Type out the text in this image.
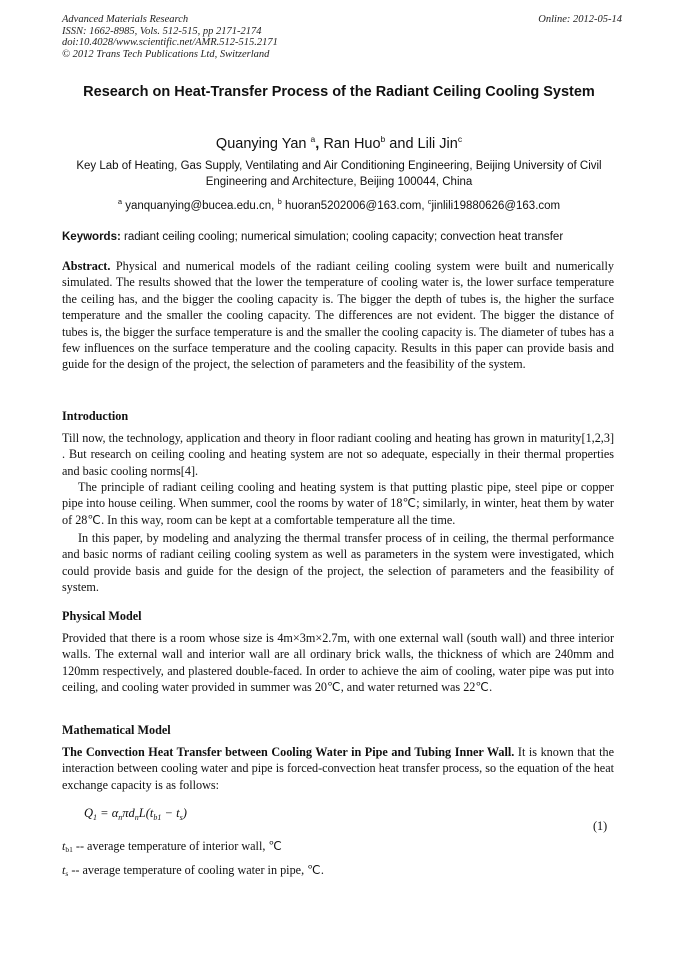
Advanced Materials Research
ISSN: 1662-8985, Vols. 512-515, pp 2171-2174
doi:10.4028/www.scientific.net/AMR.512-515.2171
© 2012 Trans Tech Publications Ltd, Switzerland
Online: 2012-05-14
Research on Heat-Transfer Process of the Radiant Ceiling Cooling System
Quanying Yan $^a$, Ran Huo$^b$ and Lili Jin$^c$
Key Lab of Heating, Gas Supply, Ventilating and Air Conditioning Engineering, Beijing University of Civil Engineering and Architecture, Beijing 100044, China
$^a$ yanquanying@bucea.edu.cn, $^b$ huoran5202006@163.com, $^c$jinlili19880626@163.com
Keywords: radiant ceiling cooling; numerical simulation; cooling capacity; convection heat transfer
Abstract. Physical and numerical models of the radiant ceiling cooling system were built and numerically simulated. The results showed that the lower the temperature of cooling water is, the lower surface temperature the ceiling has, and the bigger the cooling capacity is. The bigger the depth of tubes is, the higher the surface temperature and the smaller the cooling capacity. The differences are not evident. The bigger the distance of tubes is, the bigger the surface temperature is and the smaller the cooling capacity is. The diameter of tubes has a few influences on the surface temperature and the cooling capacity. Results in this paper can provide basis and guide for the design of the project, the selection of parameters and the feasibility of the system.
Introduction
Till now, the technology, application and theory in floor radiant cooling and heating has grown in maturity[1,2,3] . But research on ceiling cooling and heating system are not so adequate, especially in their thermal properties and basic cooling norms[4].
The principle of radiant ceiling cooling and heating system is that putting plastic pipe, steel pipe or copper pipe into house ceiling. When summer, cool the rooms by water of 18℃; similarly, in winter, heat them by water of 28℃. In this way, room can be kept at a comfortable temperature all the time.
In this paper, by modeling and analyzing the thermal transfer process of in ceiling, the thermal performance and basic norms of radiant ceiling cooling system as well as parameters in the system were investigated, which could provide basis and guide for the design of the project, the selection of parameters and the feasibility of system.
Physical Model
Provided that there is a room whose size is 4m×3m×2.7m, with one external wall (south wall) and three interior walls. The external wall and interior wall are all ordinary brick walls, the thickness of which are 240mm and 120mm respectively, and plastered double-faced. In order to achieve the aim of cooling, water pipe was put into ceiling, and cooling water provided in summer was 20℃, and water returned was 22℃.
Mathematical Model
The Convection Heat Transfer between Cooling Water in Pipe and Tubing Inner Wall. It is known that the interaction between cooling water and pipe is forced-convection heat transfer process, so the equation of the heat exchange capacity is as follows:
$Q_1 = \alpha_n\pi d_nL(t_{b1} - t_s)$
(1)
$t_{b1}$ -- average temperature of interior wall, ℃
$t_s$ -- average temperature of cooling water in pipe, ℃.
